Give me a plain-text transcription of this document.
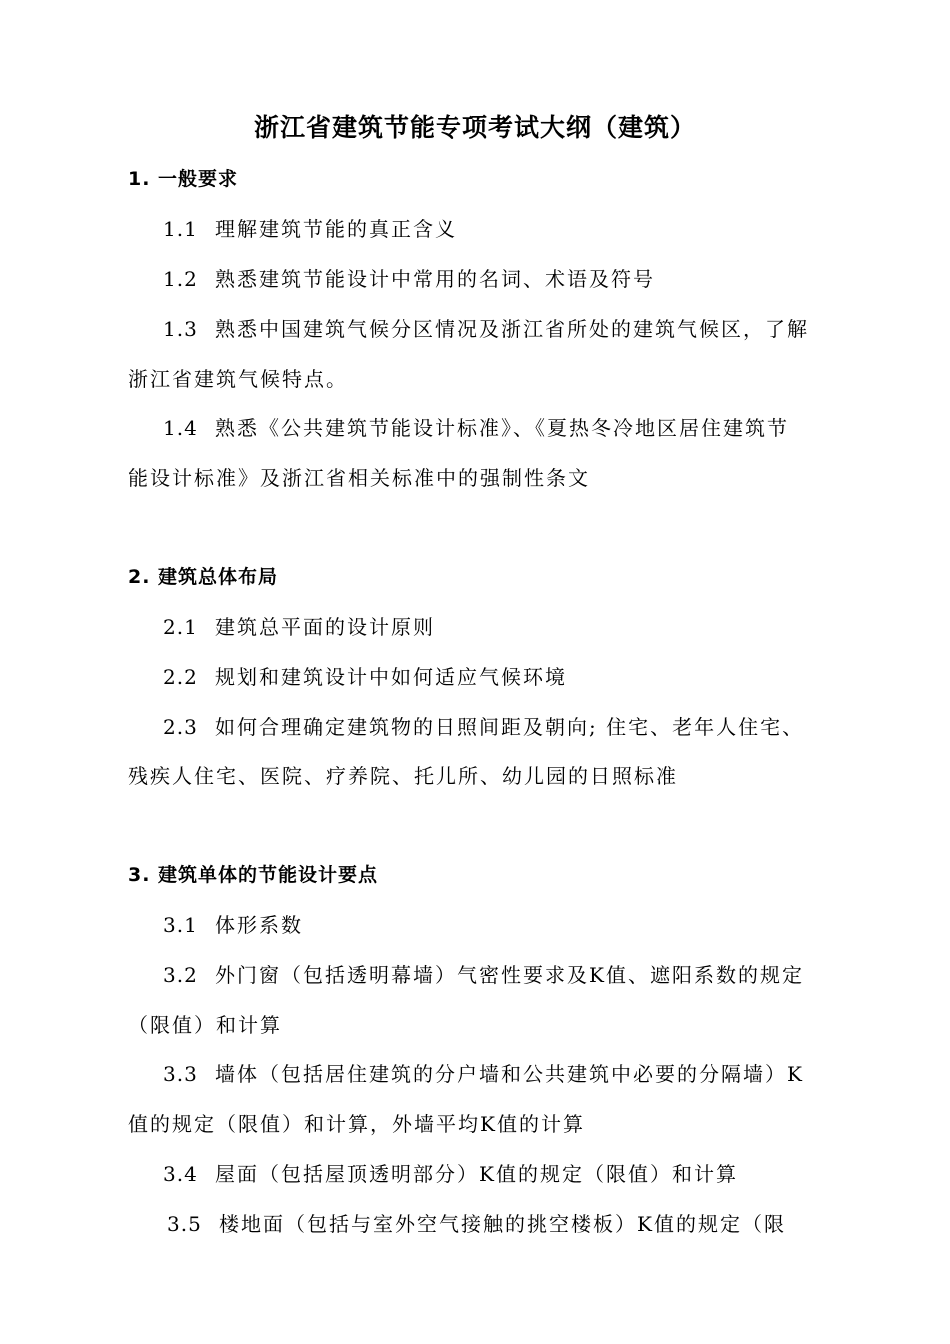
浙江省建筑节能专项考试大纲（建筑）
1. 一般要求

1.1 理解建筑节能的真正含义

1.2 熟悉建筑节能设计中常用的名词、术语及符号

1.3 熟悉中国建筑气候分区情况及浙江省所处的建筑气候区，了解

浙江省建筑气候特点。

1.4 熟悉《公共建筑节能设计标准》、《夏热冬冷地区居住建筑节

能设计标准》及浙江省相关标准中的强制性条文

2. 建筑总体布局

2.1 建筑总平面的设计原则

2.2 规划和建筑设计中如何适应气候环境

2.3 如何合理确定建筑物的日照间距及朝向; 住宅、老年人住宅、

残疾人住宅、医院、疗养院、托儿所、幼儿园的日照标准

3. 建筑单体的节能设计要点

3.1 体形系数

3.2 外门窗（包括透明幕墙）气密性要求及K值、遮阳系数的规定

（限值）和计算

3.3 墙体（包括居住建筑的分户墙和公共建筑中必要的分隔墙）K

值的规定（限值）和计算，外墙平均K值的计算

3.4 屋面（包括屋顶透明部分）K值的规定（限值）和计算

3.5 楼地面（包括与室外空气接触的挑空楼板）K值的规定（限
